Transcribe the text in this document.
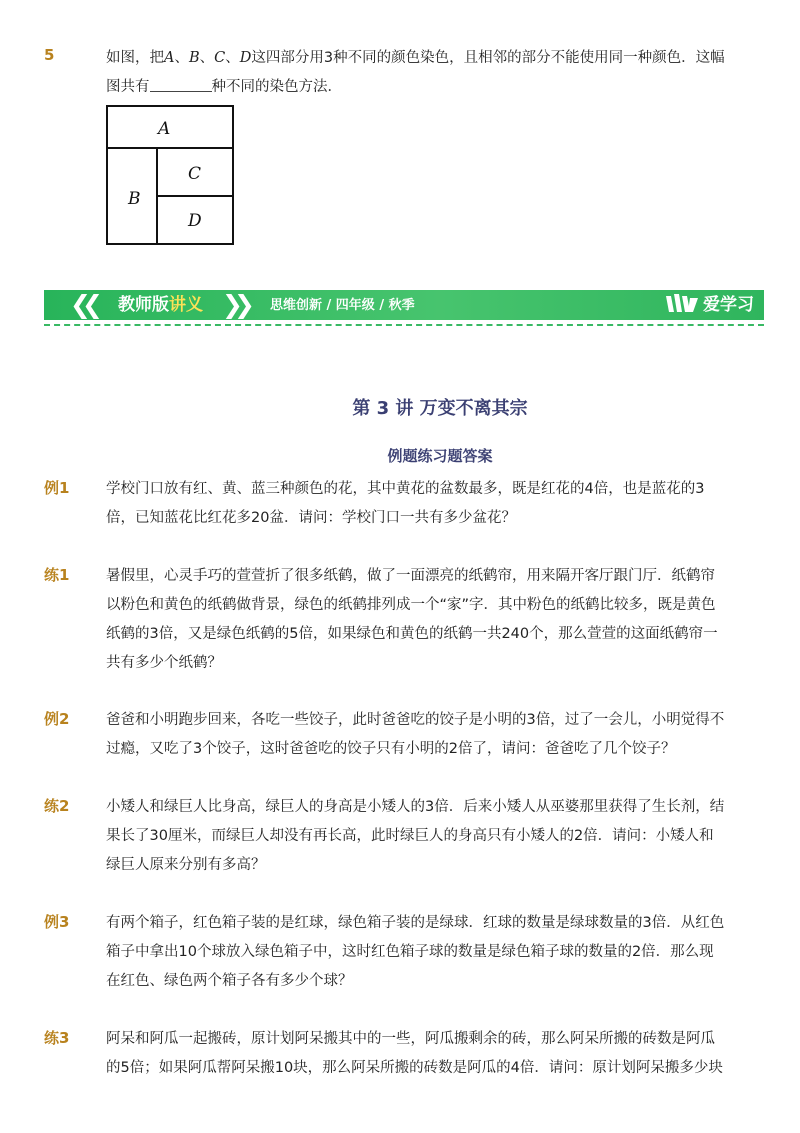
5	如图，把A、B、C、D这四部分用3种不同的颜色染色，且相邻的部分不能使用同一种颜色．这幅
图共有	种不同的染色方法．
A
B
C
D
❮❮ 教师版讲义 ❯❯ 思维创新 / 四年级 / 秋季	爱学习
第 3 讲 万变不离其宗
例题练习题答案
例1	学校门口放有红、黄、蓝三种颜色的花，其中黄花的盆数最多，既是红花的4倍，也是蓝花的3倍，已知蓝花比红花多20盆．请问：学校门口一共有多少盆花？
练1	暑假里，心灵手巧的萱萱折了很多纸鹤，做了一面漂亮的纸鹤帘，用来隔开客厅跟门厅．纸鹤帘以粉色和黄色的纸鹤做背景，绿色的纸鹤排列成一个“家”字．其中粉色的纸鹤比较多，既是黄色纸鹤的3倍，又是绿色纸鹤的5倍，如果绿色和黄色的纸鹤一共240个，那么萱萱的这面纸鹤帘一共有多少个纸鹤？
例2	爸爸和小明跑步回来，各吃一些饺子，此时爸爸吃的饺子是小明的3倍，过了一会儿，小明觉得不过瘾，又吃了3个饺子，这时爸爸吃的饺子只有小明的2倍了，请问：爸爸吃了几个饺子？
练2	小矮人和绿巨人比身高，绿巨人的身高是小矮人的3倍．后来小矮人从巫婆那里获得了生长剂，结果长了30厘米，而绿巨人却没有再长高，此时绿巨人的身高只有小矮人的2倍．请问：小矮人和绿巨人原来分别有多高？
例3	有两个箱子，红色箱子装的是红球，绿色箱子装的是绿球．红球的数量是绿球数量的3倍．从红色箱子中拿出10个球放入绿色箱子中，这时红色箱子球的数量是绿色箱子球的数量的2倍．那么现在红色、绿色两个箱子各有多少个球？
练3	阿呆和阿瓜一起搬砖，原计划阿呆搬其中的一些，阿瓜搬剩余的砖，那么阿呆所搬的砖数是阿瓜的5倍；如果阿瓜帮阿呆搬10块，那么阿呆所搬的砖数是阿瓜的4倍．请问：原计划阿呆搬多少块
